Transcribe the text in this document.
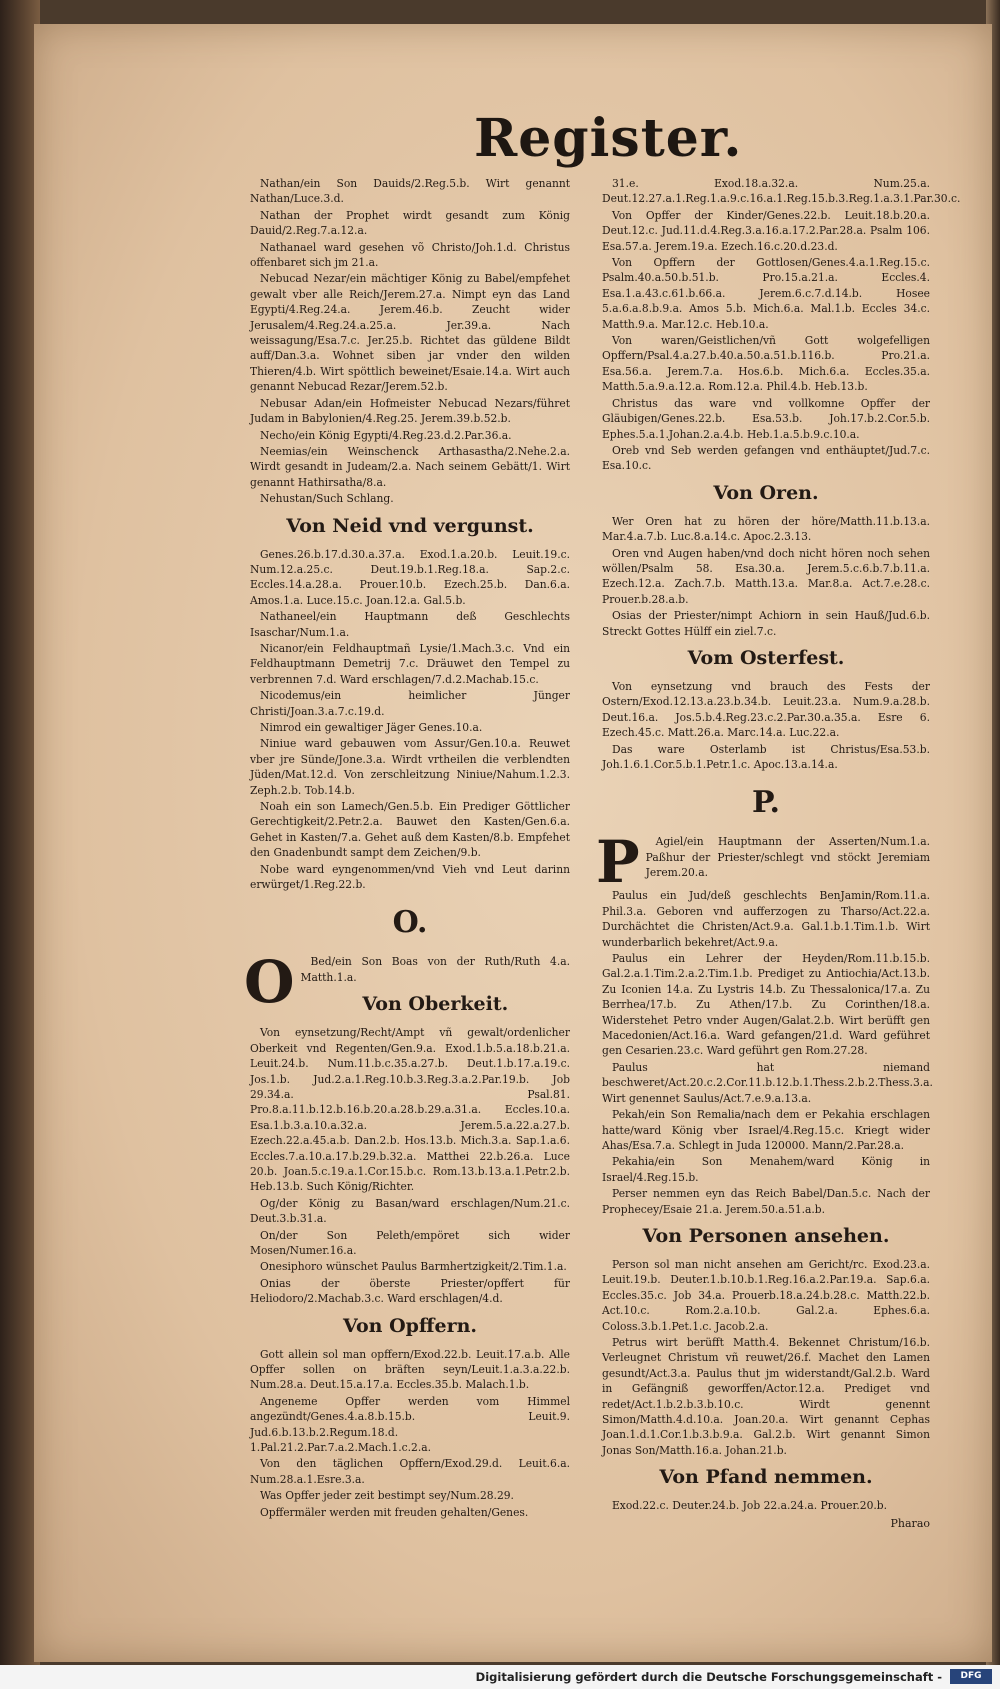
Register.

Nathan/ein Son Dauids/2.Reg.5.b. Wirt genannt Nathan/Luce.3.d.

Nathan der Prophet wirdt gesandt zum König Dauid/2.Reg.7.a.12.a.

Nathanael ward gesehen võ Christo/Joh.1.d. Christus offenbaret sich jm 21.a.

Nebucad Nezar/ein mächtiger König zu Babel/empfehet gewalt vber alle Reich/Jerem.27.a. Nimpt eyn das Land Egypti/4.Reg.24.a. Jerem.46.b. Zeucht wider Jerusalem/4.Reg.24.a.25.a. Jer.39.a. Nach weissagung/Esa.7.c. Jer.25.b. Richtet das güldene Bildt auff/Dan.3.a. Wohnet siben jar vnder den wilden Thieren/4.b. Wirt spöttlich beweinet/Esaie.14.a. Wirt auch genannt Nebucad Rezar/Jerem.52.b.

Nebusar Adan/ein Hofmeister Nebucad Nezars/führet Judam in Babylonien/4.Reg.25. Jerem.39.b.52.b.

Necho/ein König Egypti/4.Reg.23.d.2.Par.36.a.

Neemias/ein Weinschenck Arthasastha/2.Nehe.2.a. Wirdt gesandt in Judeam/2.a. Nach seinem Gebätt/1. Wirt genannt Hathirsatha/8.a.

Nehustan/Such Schlang.

Von Neid vnd vergunst.

Genes.26.b.17.d.30.a.37.a. Exod.1.a.20.b. Leuit.19.c. Num.12.a.25.c. Deut.19.b.1.Reg.18.a. Sap.2.c. Eccles.14.a.28.a. Prouer.10.b. Ezech.25.b. Dan.6.a. Amos.1.a. Luce.15.c. Joan.12.a. Gal.5.b.

Nathaneel/ein Hauptmann deß Geschlechts Isaschar/Num.1.a.

Nicanor/ein Feldhauptmañ Lysie/1.Mach.3.c. Vnd ein Feldhauptmann Demetrij 7.c. Dräuwet den Tempel zu verbrennen 7.d. Ward erschlagen/7.d.2.Machab.15.c.

Nicodemus/ein heimlicher Jünger Christi/Joan.3.a.7.c.19.d.

Nimrod ein gewaltiger Jäger Genes.10.a.

Niniue ward gebauwen vom Assur/Gen.10.a. Reuwet vber jre Sünde/Jone.3.a. Wirdt vrtheilen die verblendten Jüden/Mat.12.d. Von zerschleitzung Niniue/Nahum.1.2.3. Zeph.2.b. Tob.14.b.

Noah ein son Lamech/Gen.5.b. Ein Prediger Göttlicher Gerechtigkeit/2.Petr.2.a. Bauwet den Kasten/Gen.6.a. Gehet in Kasten/7.a. Gehet auß dem Kasten/8.b. Empfehet den Gnadenbundt sampt dem Zeichen/9.b.

Nobe ward eyngenommen/vnd Vieh vnd Leut darinn erwürget/1.Reg.22.b.

O.
O	Bed/ein Son Boas von der Ruth/Ruth 4.a. Matth.1.a.

Von Oberkeit.

Von eynsetzung/Recht/Ampt vñ gewalt/ordenlicher Oberkeit vnd Regenten/Gen.9.a. Exod.1.b.5.a.18.b.21.a. Leuit.24.b. Num.11.b.c.35.a.27.b. Deut.1.b.17.a.19.c. Jos.1.b. Jud.2.a.1.Reg.10.b.3.Reg.3.a.2.Par.19.b. Job 29.34.a. Psal.81. Pro.8.a.11.b.12.b.16.b.20.a.28.b.29.a.31.a. Eccles.10.a. Esa.1.b.3.a.10.a.32.a. Jerem.5.a.22.a.27.b. Ezech.22.a.45.a.b. Dan.2.b. Hos.13.b. Mich.3.a. Sap.1.a.6. Eccles.7.a.10.a.17.b.29.b.32.a. Matthei 22.b.26.a. Luce 20.b. Joan.5.c.19.a.1.Cor.15.b.c. Rom.13.b.13.a.1.Petr.2.b. Heb.13.b. Such König/Richter.

Og/der König zu Basan/ward erschlagen/Num.21.c. Deut.3.b.31.a.

On/der Son Peleth/empöret sich wider Mosen/Numer.16.a.

Onesiphoro wünschet Paulus Barmhertzigkeit/2.Tim.1.a.

Onias der öberste Priester/opffert für Heliodoro/2.Machab.3.c. Ward erschlagen/4.d.

Von Opffern.

Gott allein sol man opffern/Exod.22.b. Leuit.17.a.b. Alle Opffer sollen on bräften seyn/Leuit.1.a.3.a.22.b. Num.28.a. Deut.15.a.17.a. Eccles.35.b. Malach.1.b.

Angeneme Opffer werden vom Himmel angezündt/Genes.4.a.8.b.15.b. Leuit.9. Jud.6.b.13.b.2.Regum.18.d. 1.Pal.21.2.Par.7.a.2.Mach.1.c.2.a.

Von den täglichen Opffern/Exod.29.d. Leuit.6.a. Num.28.a.1.Esre.3.a.

Was Opffer jeder zeit bestimpt sey/Num.28.29.

Opffermäler werden mit freuden gehalten/Genes.

31.e. Exod.18.a.32.a. Num.25.a. Deut.12.27.a.1.Reg.1.a.9.c.16.a.1.Reg.15.b.3.Reg.1.a.3.1.Par.30.c.

Von Opffer der Kinder/Genes.22.b. Leuit.18.b.20.a. Deut.12.c. Jud.11.d.4.Reg.3.a.16.a.17.2.Par.28.a. Psalm 106. Esa.57.a. Jerem.19.a. Ezech.16.c.20.d.23.d.

Von Opffern der Gottlosen/Genes.4.a.1.Reg.15.c. Psalm.40.a.50.b.51.b. Pro.15.a.21.a. Eccles.4. Esa.1.a.43.c.61.b.66.a. Jerem.6.c.7.d.14.b. Hosee 5.a.6.a.8.b.9.a. Amos 5.b. Mich.6.a. Mal.1.b. Eccles 34.c. Matth.9.a. Mar.12.c. Heb.10.a.

Von waren/Geistlichen/vñ Gott wolgefelligen Opffern/Psal.4.a.27.b.40.a.50.a.51.b.116.b. Pro.21.a. Esa.56.a. Jerem.7.a. Hos.6.b. Mich.6.a. Eccles.35.a. Matth.5.a.9.a.12.a. Rom.12.a. Phil.4.b. Heb.13.b.

Christus das ware vnd vollkomne Opffer der Gläubigen/Genes.22.b. Esa.53.b. Joh.17.b.2.Cor.5.b. Ephes.5.a.1.Johan.2.a.4.b. Heb.1.a.5.b.9.c.10.a.

Oreb vnd Seb werden gefangen vnd enthäuptet/Jud.7.c. Esa.10.c.

Von Oren.

Wer Oren hat zu hören der höre/Matth.11.b.13.a. Mar.4.a.7.b. Luc.8.a.14.c. Apoc.2.3.13.

Oren vnd Augen haben/vnd doch nicht hören noch sehen wöllen/Psalm 58. Esa.30.a. Jerem.5.c.6.b.7.b.11.a. Ezech.12.a. Zach.7.b. Matth.13.a. Mar.8.a. Act.7.e.28.c. Prouer.b.28.a.b.

Osias der Priester/nimpt Achiorn in sein Hauß/Jud.6.b. Streckt Gottes Hülff ein ziel.7.c.

Vom Osterfest.

Von eynsetzung vnd brauch des Fests der Ostern/Exod.12.13.a.23.b.34.b. Leuit.23.a. Num.9.a.28.b. Deut.16.a. Jos.5.b.4.Reg.23.c.2.Par.30.a.35.a. Esre 6. Ezech.45.c. Matt.26.a. Marc.14.a. Luc.22.a.

Das ware Osterlamb ist Christus/Esa.53.b. Joh.1.6.1.Cor.5.b.1.Petr.1.c. Apoc.13.a.14.a.

P.
P	Agiel/ein Hauptmann der Asserten/Num.1.a. Paßhur der Priester/schlegt vnd stöckt Jeremiam Jerem.20.a.

Paulus ein Jud/deß geschlechts BenJamin/Rom.11.a. Phil.3.a. Geboren vnd aufferzogen zu Tharso/Act.22.a. Durchächtet die Christen/Act.9.a. Gal.1.b.1.Tim.1.b. Wirt wunderbarlich bekehret/Act.9.a.

Paulus ein Lehrer der Heyden/Rom.11.b.15.b. Gal.2.a.1.Tim.2.a.2.Tim.1.b. Prediget zu Antiochia/Act.13.b. Zu Iconien 14.a. Zu Lystris 14.b. Zu Thessalonica/17.a. Zu Berrhea/17.b. Zu Athen/17.b. Zu Corinthen/18.a. Widerstehet Petro vnder Augen/Galat.2.b. Wirt berüfft gen Macedonien/Act.16.a. Ward gefangen/21.d. Ward geführet gen Cesarien.23.c. Ward geführt gen Rom.27.28.

Paulus hat niemand beschweret/Act.20.c.2.Cor.11.b.12.b.1.Thess.2.b.2.Thess.3.a. Wirt genennet Saulus/Act.7.e.9.a.13.a.

Pekah/ein Son Remalia/nach dem er Pekahia erschlagen hatte/ward König vber Israel/4.Reg.15.c. Kriegt wider Ahas/Esa.7.a. Schlegt in Juda 120000. Mann/2.Par.28.a.

Pekahia/ein Son Menahem/ward König in Israel/4.Reg.15.b.

Perser nemmen eyn das Reich Babel/Dan.5.c. Nach der Prophecey/Esaie 21.a. Jerem.50.a.51.a.b.

Von Personen ansehen.

Person sol man nicht ansehen am Gericht/rc. Exod.23.a. Leuit.19.b. Deuter.1.b.10.b.1.Reg.16.a.2.Par.19.a. Sap.6.a. Eccles.35.c. Job 34.a. Prouerb.18.a.24.b.28.c. Matth.22.b. Act.10.c. Rom.2.a.10.b. Gal.2.a. Ephes.6.a. Coloss.3.b.1.Pet.1.c. Jacob.2.a.

Petrus wirt berüfft Matth.4. Bekennet Christum/16.b. Verleugnet Christum vñ reuwet/26.f. Machet den Lamen gesundt/Act.3.a. Paulus thut jm widerstandt/Gal.2.b. Ward in Gefängniß geworffen/Actor.12.a. Prediget vnd redet/Act.1.b.2.b.3.b.10.c. Wirdt genennt Simon/Matth.4.d.10.a. Joan.20.a. Wirt genannt Cephas Joan.1.d.1.Cor.1.b.3.b.9.a. Gal.2.b. Wirt genannt Simon Jonas Son/Matth.16.a. Johan.21.b.

Von Pfand nemmen.

Exod.22.c. Deuter.24.b. Job 22.a.24.a. Prouer.20.b.

Pharao
Digitalisierung gefördert durch die Deutsche Forschungsgemeinschaft -	DFG
